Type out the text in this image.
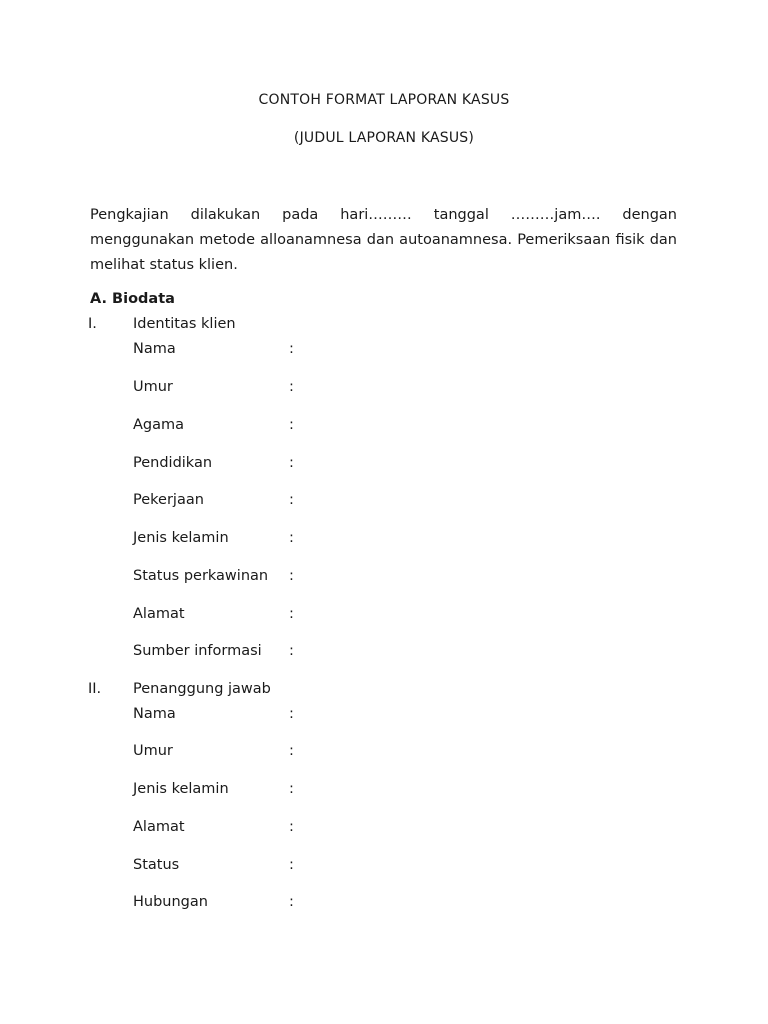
CONTOH FORMAT LAPORAN KASUS
(JUDUL LAPORAN KASUS)
Pengkajian dilakukan pada hari……… tanggal ………jam…. dengan menggunakan metode alloanamnesa dan autoanamnesa. Pemeriksaan fisik dan melihat status klien.
A. Biodata
I. Identitas klien
Nama	:
Umur	:
Agama	:
Pendidikan	:
Pekerjaan	:
Jenis kelamin	:
Status perkawinan :
Alamat	:
Sumber informasi :
II. Penanggung jawab
Nama	:
Umur	:
Jenis kelamin	:
Alamat	:
Status	:
Hubungan	:
